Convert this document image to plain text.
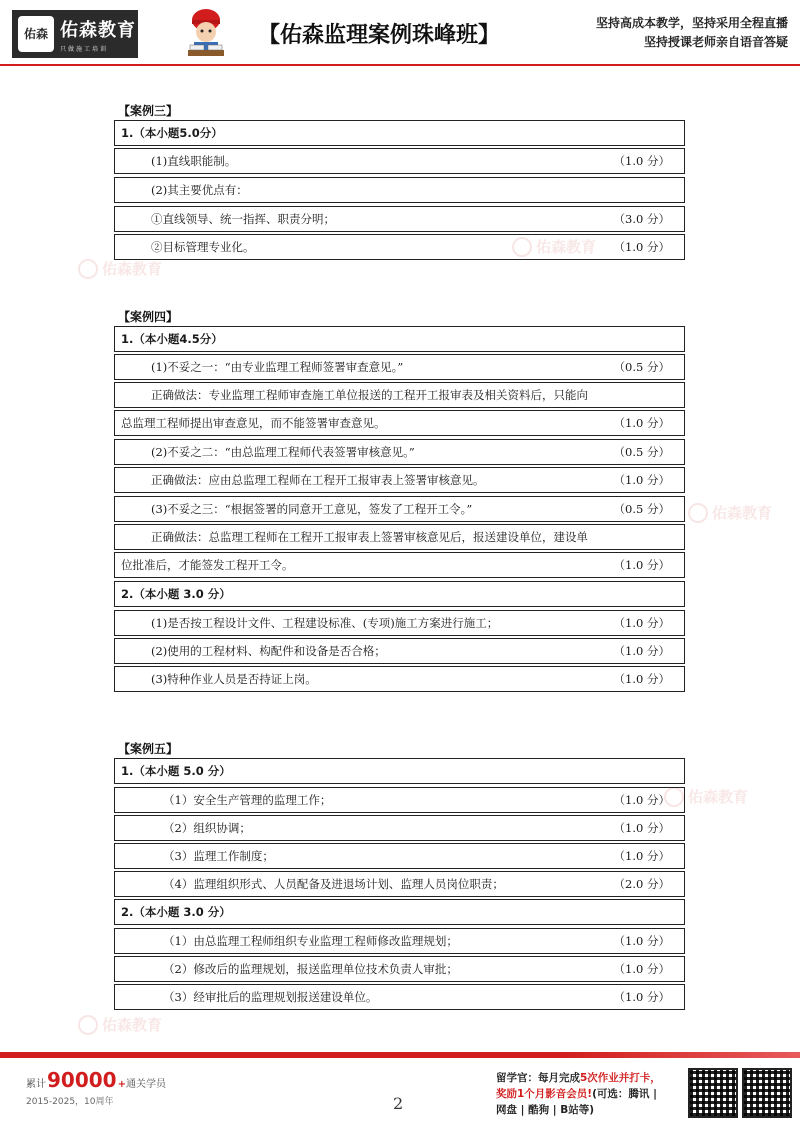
佑森 佑森教育
只做施工培训
【佑森监理案例珠峰班】	坚持高成本教学，坚持采用全程直播
坚持授课老师亲自语音答疑
佑森教育
佑森教育
佑森教育
佑森教育
佑森教育
【案例三】
1.（本小题5.0分）
(1)直线职能制。	（1.0 分）
(2)其主要优点有：
①直线领导、统一指挥、职责分明；	（3.0 分）
②目标管理专业化。	（1.0 分）
【案例四】
1.（本小题4.5分）
(1)不妥之一：“由专业监理工程师签署审查意见。”	（0.5 分）
正确做法：专业监理工程师审查施工单位报送的工程开工报审表及相关资料后，只能向
总监理工程师提出审查意见，而不能签署审查意见。	（1.0 分）
(2)不妥之二：“由总监理工程师代表签署审核意见。”	（0.5 分）
正确做法：应由总监理工程师在工程开工报审表上签署审核意见。	（1.0 分）
(3)不妥之三：“根据签署的同意开工意见，签发了工程开工令。”	（0.5 分）
正确做法：总监理工程师在工程开工报审表上签署审核意见后，报送建设单位，建设单
位批准后，才能签发工程开工令。	（1.0 分）
2.（本小题 3.0 分）
(1)是否按工程设计文件、工程建设标准、(专项)施工方案进行施工；	（1.0 分）
(2)使用的工程材料、构配件和设备是否合格；	（1.0 分）
(3)特种作业人员是否持证上岗。	（1.0 分）
【案例五】
1.（本小题 5.0 分）
（1）安全生产管理的监理工作；	（1.0 分）
（2）组织协调；	（1.0 分）
（3）监理工作制度；	（1.0 分）
（4）监理组织形式、人员配备及进退场计划、监理人员岗位职责；	（2.0 分）
2.（本小题 3.0 分）
（1）由总监理工程师组织专业监理工程师修改监理规划；	（1.0 分）
（2）修改后的监理规划，报送监理单位技术负责人审批；	（1.0 分）
（3）经审批后的监理规划报送建设单位。	（1.0 分）
累计 90000 + 通关学员
2015-2025，10周年	2
留学官：每月完成5次作业并打卡，
奖励1个月影音会员!(可选：腾讯 |
网盘 | 酷狗 | B站等)
